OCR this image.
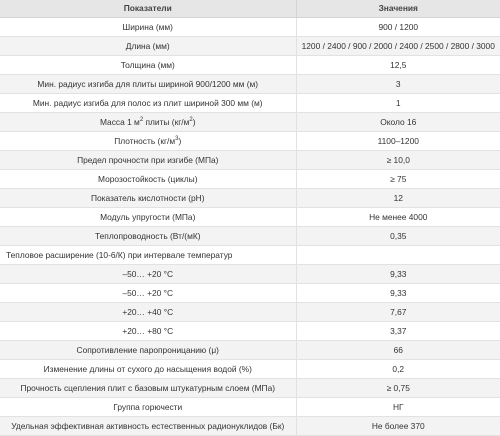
Показатели	Значения
Ширина (мм)	900 / 1200
Длина (мм)	1200 / 2400 / 900 / 2000 / 2400 / 2500 / 2800 / 3000
Толщина (мм)	12,5
Мин. радиус изгиба для плиты шириной 900/1200 мм (м)	3
Мин. радиус изгиба для полос из плит шириной 300 мм (м)	1
Масса 1 $м^2$ плиты $(кг/м^2)$	Около 16
Плотность $(кг/м^3)$	1100–1200
Предел прочности при изгибе (МПа)	≥ 10,0
Морозостойкость (циклы)	≥ 75
Показатель кислотности (рН)	12
Модуль упругости (МПа)	Не менее 4000
Теплопроводность (Вт/(мК)	0,35
Тепловое расширение (10-6/К) при интервале температур	
–50… +20 °С	9,33
–50… +20 °С	9,33
+20… +40 °С	7,67
+20… +80 °С	3,37
Сопротивление паропроницанию (μ)	66
Изменение длины от сухого до насыщения водой (%)	0,2
Прочность сцепления плит с базовым штукатурным слоем (МПа)	≥ 0,75
Группа горючести	НГ
Удельная эффективная активность естественных радионуклидов (Бк)	Не более 370
